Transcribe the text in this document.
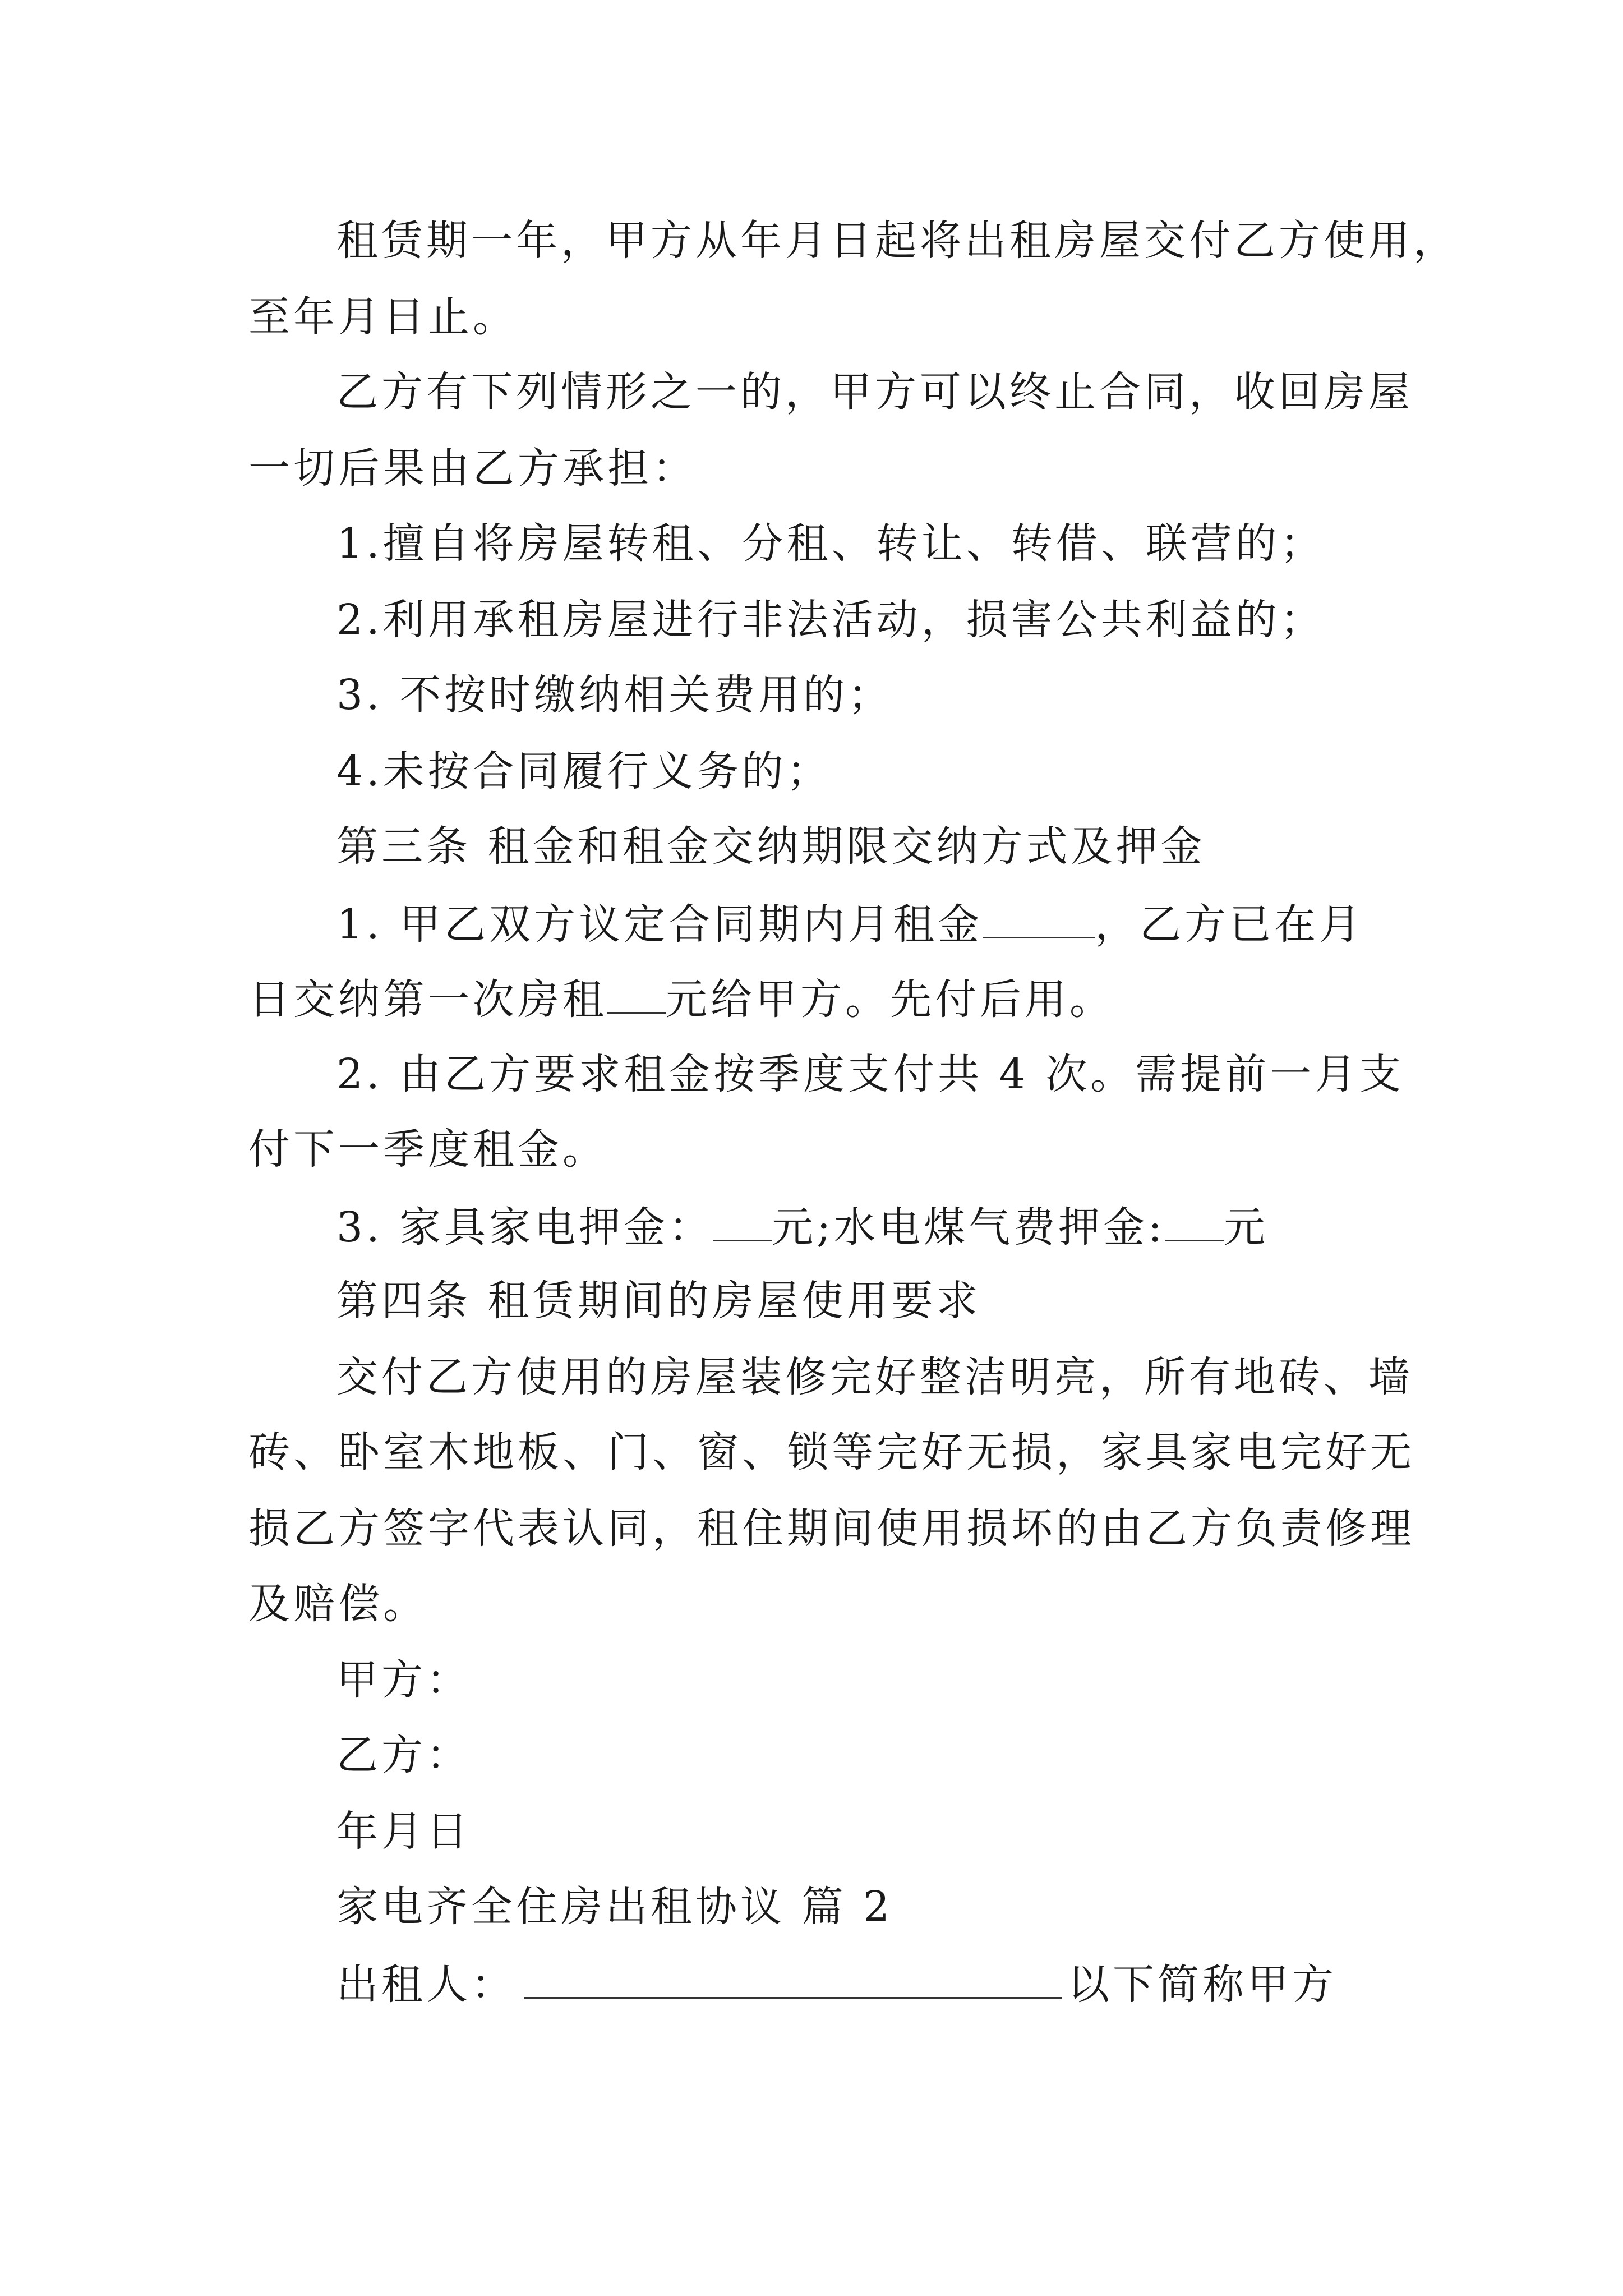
租赁期一年，甲方从年月日起将出租房屋交付乙方使用，
至年月日止。
乙方有下列情形之一的，甲方可以终止合同，收回房屋
一切后果由乙方承担：
1.擅自将房屋转租、分租、转让、转借、联营的；
2.利用承租房屋进行非法活动，损害公共利益的；
3. 不按时缴纳相关费用的；
4.未按合同履行义务的；
第三条 租金和租金交纳期限交纳方式及押金
1. 甲乙双方议定合同期内月租金	，乙方已在月
日交纳第一次房租 元给甲方。先付后用。
2. 由乙方要求租金按季度支付共 4 次。需提前一月支
付下一季度租金。
3. 家具家电押金： 元;水电煤气费押金: 元
第四条 租赁期间的房屋使用要求
交付乙方使用的房屋装修完好整洁明亮，所有地砖、墙
砖、卧室木地板、门、窗、锁等完好无损，家具家电完好无
损乙方签字代表认同，租住期间使用损坏的由乙方负责修理
及赔偿。
甲方：
乙方：
年月日
家电齐全住房出租协议 篇 2
出租人：	以下简称甲方
